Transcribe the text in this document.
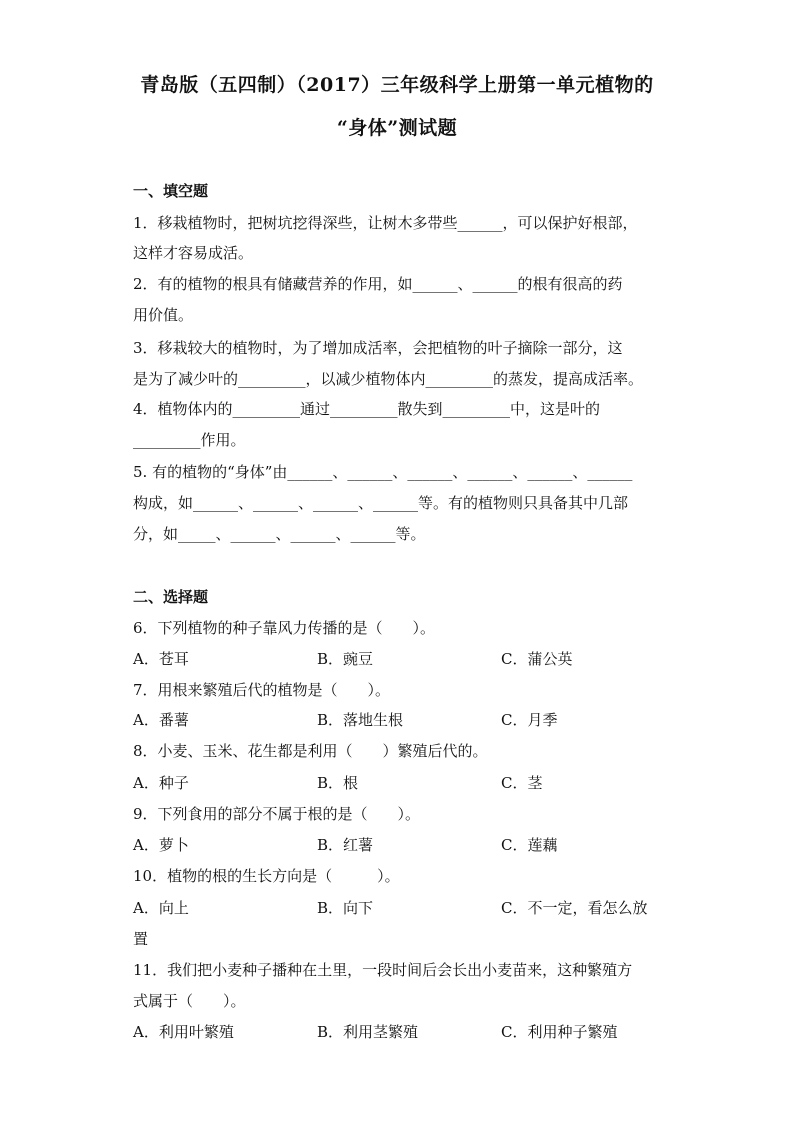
青岛版（五四制）（2017）三年级科学上册第一单元植物的
“身体”测试题
一、填空题
1．移栽植物时，把树坑挖得深些，让树木多带些______，可以保护好根部，
这样才容易成活。
2．有的植物的根具有储藏营养的作用，如______、______的根有很高的药
用价值。
3．移栽较大的植物时，为了增加成活率，会把植物的叶子摘除一部分，这
是为了减少叶的_________，以减少植物体内_________的蒸发，提高成活率。
4．植物体内的_________通过_________散失到_________中，这是叶的
_________作用。
5. 有的植物的“身体”由______、______、______、______、______、______
构成，如______、______、______、______等。有的植物则只具备其中几部
分，如_____、______、______、______等。
二、选择题
6．下列植物的种子靠风力传播的是（　　）。
A．苍耳	B．豌豆	C．蒲公英
7．用根来繁殖后代的植物是（　　）。
A．番薯	B．落地生根	C．月季
8．小麦、玉米、花生都是利用（　　）繁殖后代的。
A．种子	B．根	C．茎
9．下列食用的部分不属于根的是（　　）。
A．萝卜	B．红薯	C．莲藕
10．植物的根的生长方向是（　　　）。
A．向上	B．向下	C．不一定，看怎么放
置
11．我们把小麦种子播种在土里，一段时间后会长出小麦苗来，这种繁殖方
式属于（　　）。
A．利用叶繁殖	B．利用茎繁殖	C．利用种子繁殖
